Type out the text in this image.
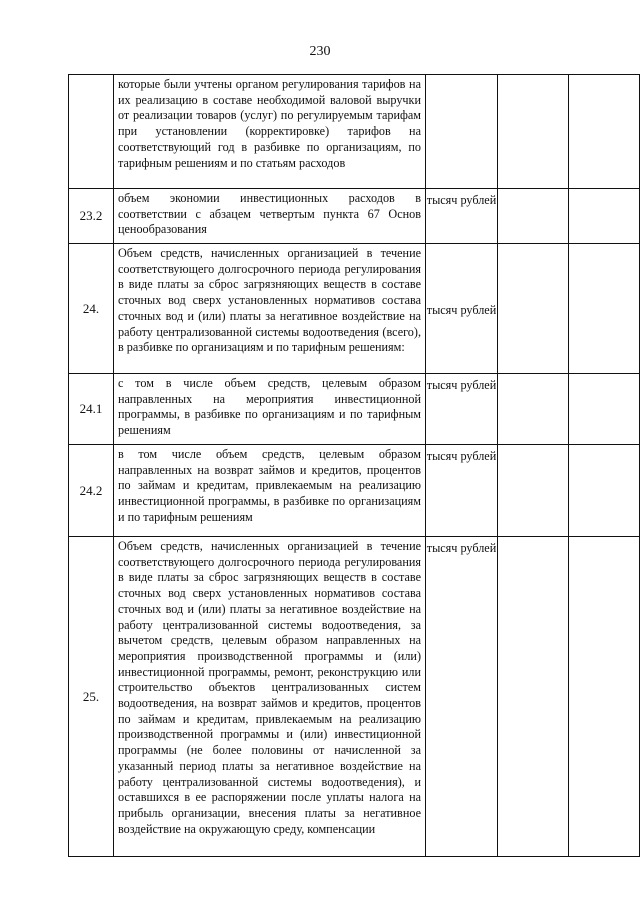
230
	которые были учтены органом регулирования тарифов на их реализацию в составе необходимой валовой выручки от реализации товаров (услуг) по регулируемым тарифам при установлении (корректировке) тарифов на соответствующий год в разбивке по организациям, по тарифным решениям и по статьям расходов			
23.2	объем экономии инвестиционных расходов в соответствии с абзацем четвертым пункта 67 Основ ценообразования	тысяч рублей		
24.	Объем средств, начисленных организацией в течение соответствующего долгосрочного периода регулирования в виде платы за сброс загрязняющих веществ в составе сточных вод сверх установленных нормативов состава сточных вод и (или) платы за негативное воздействие на работу централизованной системы водоотведения (всего), в разбивке по организациям и по тарифным решениям:	тысяч рублей		
24.1	с том в числе объем средств, целевым образом направленных на мероприятия инвестиционной программы, в разбивке по организациям и по тарифным решениям	тысяч рублей		
24.2	в том числе объем средств, целевым образом направленных на возврат займов и кредитов, процентов по займам и кредитам, привлекаемым на реализацию инвестиционной программы, в разбивке по организациям и по тарифным решениям	тысяч рублей		
25.	Объем средств, начисленных организацией в течение соответствующего долгосрочного периода регулирования в виде платы за сброс загрязняющих веществ в составе сточных вод сверх установленных нормативов состава сточных вод и (или) платы за негативное воздействие на работу централизованной системы водоотведения, за вычетом средств, целевым образом направленных на мероприятия производственной программы и (или) инвестиционной программы, ремонт, реконструкцию или строительство объектов централизованных систем водоотведения, на возврат займов и кредитов, процентов по займам и кредитам, привлекаемым на реализацию производственной программы и (или) инвестиционной программы (не более половины от начисленной за указанный период платы за негативное воздействие на работу централизованной системы водоотведения), и оставшихся в ее распоряжении после уплаты налога на прибыль организации, внесения платы за негативное воздействие на окружающую среду, компенсации	тысяч рублей		
